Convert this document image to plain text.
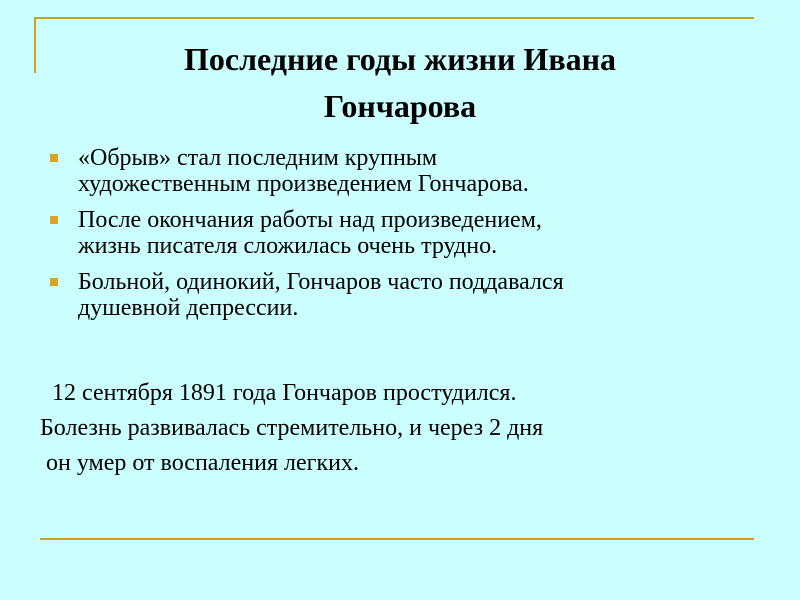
Последние годы жизни Ивана
Гончарова
«Обрыв» стал последним крупным
художественным произведением Гончарова.
После окончания работы над произведением,
жизнь писателя сложилась очень трудно.
Больной, одинокий, Гончаров часто поддавался
душевной депрессии.
12 сентября 1891 года Гончаров простудился.
Болезнь развивалась стремительно, и через 2 дня
он умер от воспаления легких.
